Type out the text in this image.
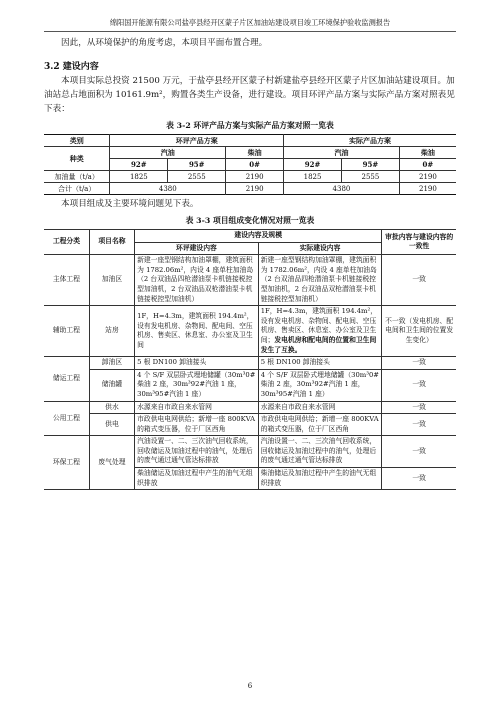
绵阳国开能源有限公司盐亭县经开区蒙子片区加油站建设项目竣工环境保护验收监测报告

因此，从环境保护的角度考虑，本项目平面布置合理。

3.2 建设内容

本项目实际总投资 21500 万元，于盐亭县经开区蒙子村新建盐亭县经开区蒙子片区加油站建设项目。加油站总占地面积为 10161.9m²，购置各类生产设备，进行建设。项目环评产品方案与实际产品方案对照表见下表：

表 3-2 环评产品方案与实际产品方案对照一览表
类别	环评产品方案			实际产品方案		
种类	汽油		柴油	汽油		柴油
	92#	95#	0#	92#	95#	0#
加油量（t/a）	1825	2555	2190	1825	2555	2190
合计（t/a）	4380		2190	4380		2190

本项目组成及主要环境问题见下表。

表 3-3 项目组成变化情况对照一览表
工程分类	项目名称	建设内容及规模		审批内容与建设内容的一致性
		环评建设内容	实际建设内容	
主体工程	加油区	新建一座型钢结构加油罩棚，建筑面积为 1782.06m²，内设 4 座单柱加油岛（2 台双油品四枪潜油泵卡机链接税控型加油机，2 台双油品双枪潜油泵卡机链接税控型加油机）	新建一座型钢结构加油罩棚，建筑面积为 1782.06m²，内设 4 座单柱加油岛（2 台双油品四枪潜油泵卡机链接税控型加油机，2 台双油品双枪潜油泵卡机链接税控型加油机）	一致
辅助工程	站房	1F，H=4.3m，建筑面积 194.4m²，设有发电机房、杂物间、配电间、空压机房、售卖区、休息室、办公室及卫生间	1F，H=4.3m，建筑面积 194.4m²，设有发电机房、杂物间、配电间、空压机房、售卖区、休息室、办公室及卫生间；发电机房和配电间的位置和卫生间发生了互换。	不一致（发电机房、配电间和卫生间的位置发生变化）
储运工程	卸油区	5 根 DN100 卸油接头	5 根 DN100 卸油接头	一致
	储油罐	4 个 S/F 双层卧式埋地储罐（30m³0#柴油 2 座，30m³92#汽油 1 座，30m³95#汽油 1 座）	4 个 S/F 双层卧式埋地储罐（30m³0#柴油 2 座，30m³92#汽油 1 座，30m³95#汽油 1 座）	一致
公用工程	供水	水源来自市政自来水管网	水源来自市政自来水管网	一致
	供电	市政供电电网供给；新增一座 800KVA 的箱式变压器，位于厂区西角	市政供电电网供给；新增一座 800KVA 的箱式变压器，位于厂区西角	一致
环保工程	废气处理	汽油设置一、二、三次油气回收系统，回收储运及加油过程中的油气，处理后的废气通过通气管达标排放	汽油设置一、二、三次油气回收系统，回收储运及加油过程中的油气，处理后的废气通过通气管达标排放	一致
		柴油储运及加油过程中产生的油气无组织排放	柴油储运及加油过程中产生的油气无组织排放	一致
6
